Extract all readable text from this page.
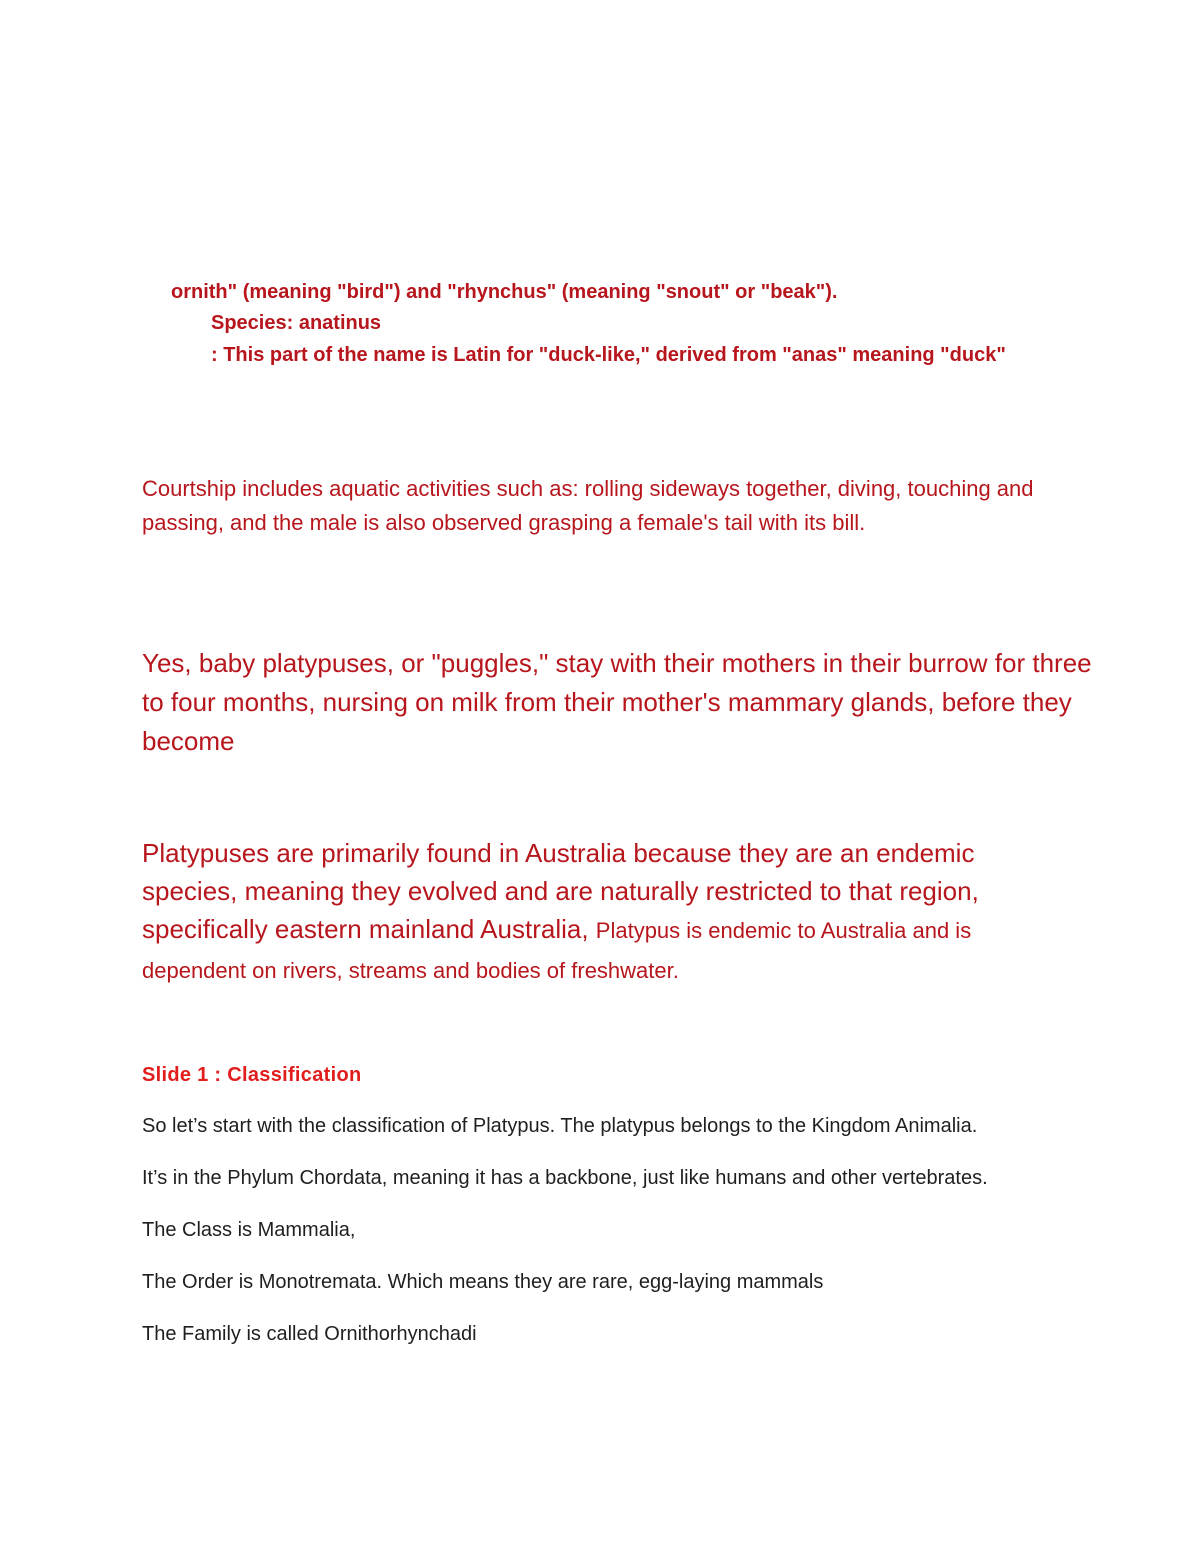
ornith" (meaning "bird") and "rhynchus" (meaning "snout" or "beak").
Species: anatinus
: This part of the name is Latin for "duck-like," derived from "anas" meaning "duck"
Courtship includes aquatic activities such as: rolling sideways together, diving, touching and passing, and the male is also observed grasping a female's tail with its bill.
Yes, baby platypuses, or "puggles," stay with their mothers in their burrow for three to four months, nursing on milk from their mother's mammary glands, before they become
Platypuses are primarily found in Australia because they are an endemic species, meaning they evolved and are naturally restricted to that region, specifically eastern mainland Australia, Platypus is endemic to Australia and is dependent on rivers, streams and bodies of freshwater.
Slide 1 : Classification
So let’s start with the classification of Platypus. The platypus belongs to the Kingdom Animalia.
It’s in the Phylum Chordata, meaning it has a backbone, just like humans and other vertebrates.
The Class is Mammalia,
The Order is Monotremata. Which means they are rare, egg-laying mammals
The Family is called Ornithorhynchadi
